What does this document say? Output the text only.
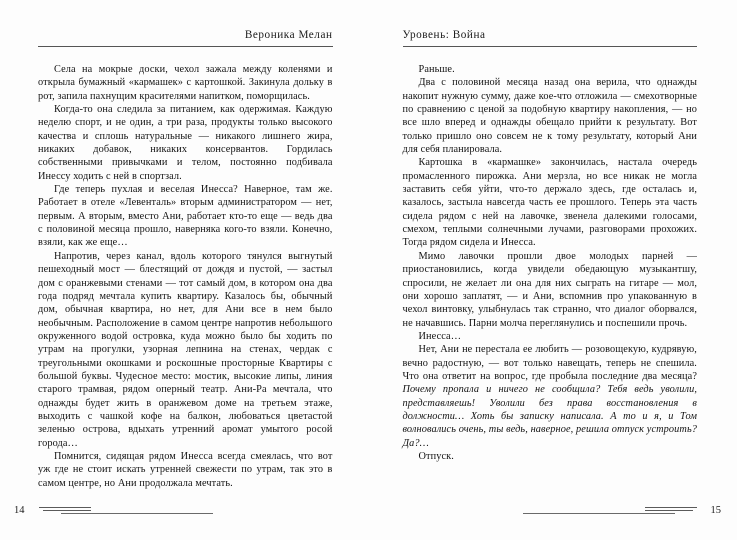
Вероника Мелан

Села на мокрые доски, чехол зажала между коленями и открыла бумажный «кармашек» с картошкой. Закинула дольку в рот, запила пахнущим красителями напитком, поморщилась.

Когда-то она следила за питанием, как одержимая. Каждую неделю спорт, и не один, а три раза, продукты только высокого качества и сплошь натуральные — никакого лишнего жира, никаких добавок, никаких консервантов. Гордилась собственными привычками и телом, постоянно подбивала Инессу ходить с ней в спортзал.

Где теперь пухлая и веселая Инесса? Наверное, там же. Работает в отеле «Левенталь» вторым администратором — нет, первым. А вторым, вместо Ани, работает кто-то еще — ведь два с половиной месяца прошло, наверняка кого-то взяли. Конечно, взяли, как же еще…

Напротив, через канал, вдоль которого тянулся выгнутый пешеходный мост — блестящий от дождя и пустой, — застыл дом с оранжевыми стенами — тот самый дом, в котором она два года подряд мечтала купить квартиру. Казалось бы, обычный дом, обычная квартира, но нет, для Ани все в нем было необычным. Расположение в самом центре напротив небольшого окруженного водой островка, куда можно было бы ходить по утрам на прогулки, узорная лепнина на стенах, чердак с треугольными окошками и роскошные просторные Квартиры с большой буквы. Чудесное место: мостик, высокие липы, линия старого трамвая, рядом оперный театр. Ани-Ра мечтала, что однажды будет жить в оранжевом доме на третьем этаже, выходить с чашкой кофе на балкон, любоваться цветастой зеленью острова, вдыхать утренний аромат умытого росой города…

Помнится, сидящая рядом Инесса всегда смеялась, что вот уж где не стоит искать утренней свежести по утрам, так это в самом центре, но Ани продолжала мечтать.

14
Уровень: Война

Раньше.

Два с половиной месяца назад она верила, что однажды накопит нужную сумму, даже кое-что отложила — смехотворные по сравнению с ценой за подобную квартиру накопления, — но все шло вперед и однажды обещало прийти к результату. Вот только пришло оно совсем не к тому результату, который Ани для себя планировала.

Картошка в «кармашке» закончилась, настала очередь промасленного пирожка. Ани мерзла, но все никак не могла заставить себя уйти, что-то держало здесь, где осталась и, казалось, застыла навсегда часть ее прошлого. Теперь эта часть сидела рядом с ней на лавочке, звенела далекими голосами, смехом, теплыми солнечными лучами, разговорами прохожих. Тогда рядом сидела и Инесса.

Мимо лавочки прошли двое молодых парней — приостановились, когда увидели обедающую музыкантшу, спросили, не желает ли она для них сыграть на гитаре — мол, они хорошо заплатят, — и Ани, вспомнив про упакованную в чехол винтовку, улыбнулась так странно, что диалог оборвался, не начавшись. Парни молча переглянулись и поспешили прочь.

Инесса…

Нет, Ани не перестала ее любить — розовощекую, кудрявую, вечно радостную, — вот только навещать, теперь не спешила. Что она ответит на вопрос, где пробыла последние два месяца? Почему пропала и ничего не сообщила? Тебя ведь уволили, представляешь! Уволили без права восстановления в должности… Хоть бы записку написала. А то и я, и Том волновались очень, ты ведь, наверное, решила отпуск устроить? Да?…

Отпуск.

15
